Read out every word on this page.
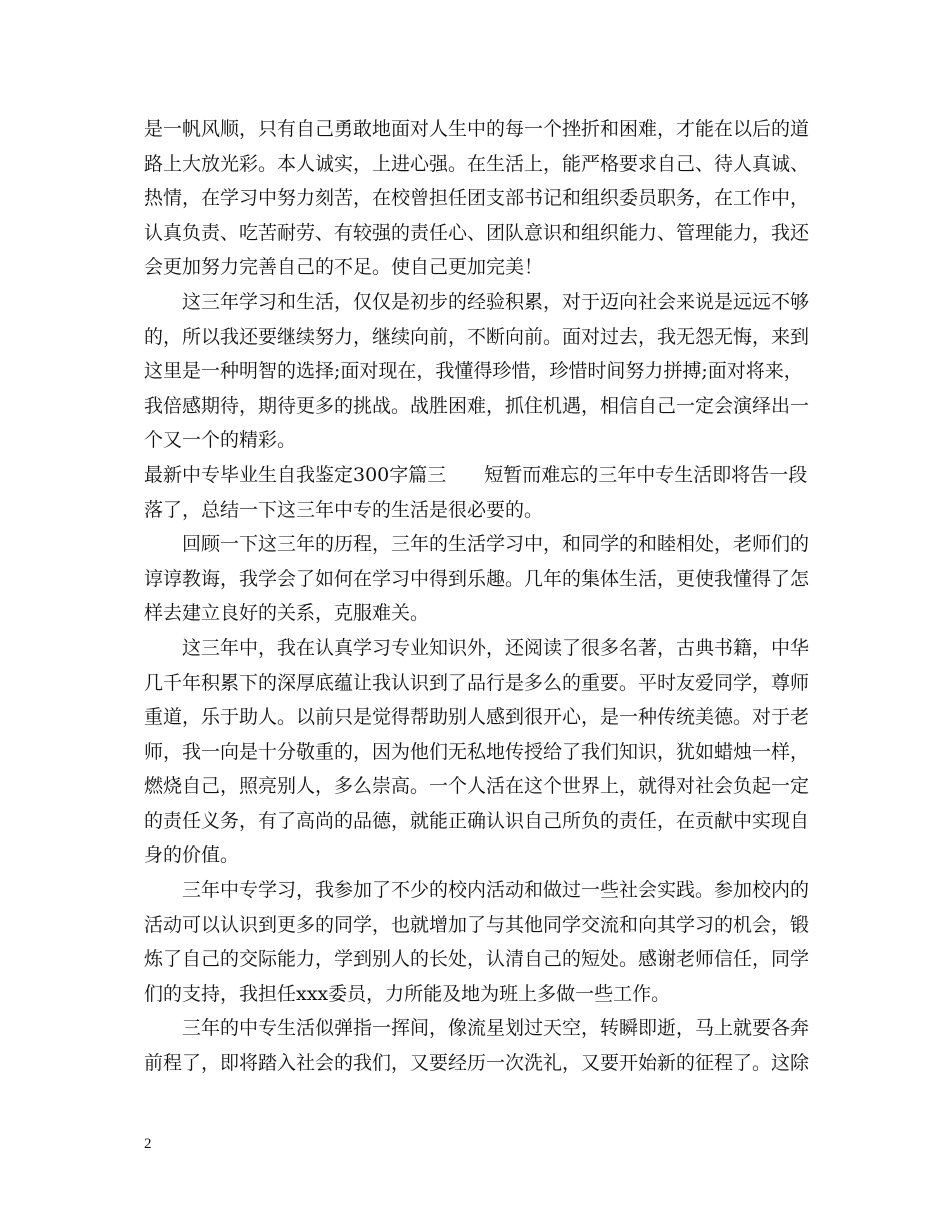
是一帆风顺，只有自己勇敢地面对人生中的每一个挫折和困难，才能在以后的道
路上大放光彩。本人诚实，上进心强。在生活上，能严格要求自己、待人真诚、
热情，在学习中努力刻苦，在校曾担任团支部书记和组织委员职务，在工作中，
认真负责、吃苦耐劳、有较强的责任心、团队意识和组织能力、管理能力，我还
会更加努力完善自己的不足。使自己更加完美！
这三年学习和生活，仅仅是初步的经验积累，对于迈向社会来说是远远不够
的，所以我还要继续努力，继续向前，不断向前。面对过去，我无怨无悔，来到
这里是一种明智的选择;面对现在，我懂得珍惜，珍惜时间努力拼搏;面对将来，
我倍感期待，期待更多的挑战。战胜困难，抓住机遇，相信自己一定会演绎出一
个又一个的精彩。
最新中专毕业生自我鉴定300字篇三 短暂而难忘的三年中专生活即将告一段
落了，总结一下这三年中专的生活是很必要的。
回顾一下这三年的历程，三年的生活学习中，和同学的和睦相处，老师们的
谆谆教诲，我学会了如何在学习中得到乐趣。几年的集体生活，更使我懂得了怎
样去建立良好的关系，克服难关。
这三年中，我在认真学习专业知识外，还阅读了很多名著，古典书籍，中华
几千年积累下的深厚底蕴让我认识到了品行是多么的重要。平时友爱同学，尊师
重道，乐于助人。以前只是觉得帮助别人感到很开心，是一种传统美德。对于老
师，我一向是十分敬重的，因为他们无私地传授给了我们知识，犹如蜡烛一样，
燃烧自己，照亮别人，多么崇高。一个人活在这个世界上，就得对社会负起一定
的责任义务，有了高尚的品德，就能正确认识自己所负的责任，在贡献中实现自
身的价值。
三年中专学习，我参加了不少的校内活动和做过一些社会实践。参加校内的
活动可以认识到更多的同学，也就增加了与其他同学交流和向其学习的机会，锻
炼了自己的交际能力，学到别人的长处，认清自己的短处。感谢老师信任，同学
们的支持，我担任xxx委员，力所能及地为班上多做一些工作。
三年的中专生活似弹指一挥间，像流星划过天空，转瞬即逝，马上就要各奔
前程了，即将踏入社会的我们，又要经历一次洗礼，又要开始新的征程了。这除
2
